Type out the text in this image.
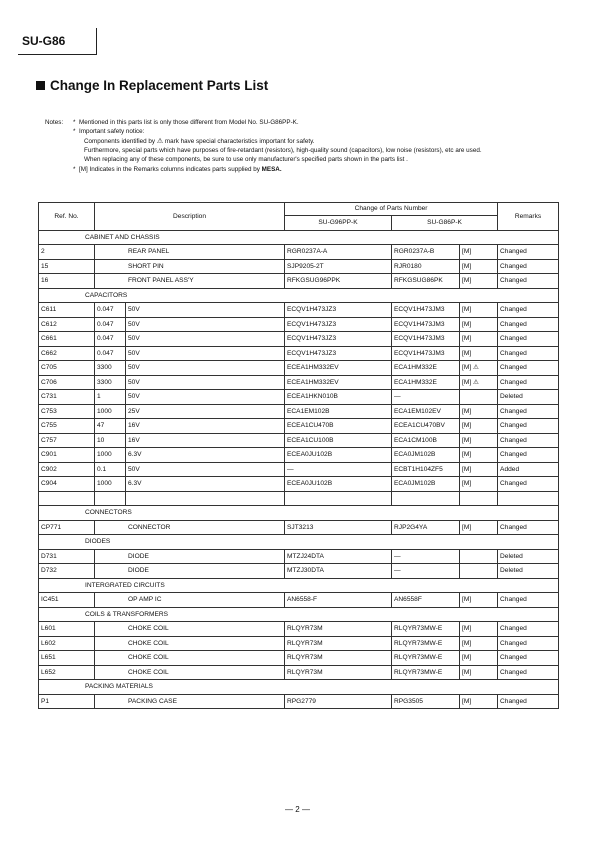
SU-G86
Change In Replacement Parts List
Notes: * Mentioned in this parts list is only those different from Model No. SU-G86PP-K.
* Important safety notice:
Components identified by ⚠ mark have special characteristics important for safety.
Furthermore, special parts which have purposes of fire-retardant (resistors), high-quality sound (capacitors), low noise (resistors), etc are used.
When replacing any of these components, be sure to use only manufacturer's specified parts shown in the parts list .
* [M] Indicates in the Remarks columns indicates parts supplied by MESA.
Ref. No.	Description		Change of Parts Number			Remarks
			SU-G96PP-K	SU-G86P-K		
CABINET AND CHASSIS						
2	REAR PANEL		RGR0237A-A	RGR0237A-B	[M]	Changed
15	SHORT PIN		SJP9205-2T	RJR0180	[M]	Changed
16	FRONT PANEL ASS'Y		RFKGSUG96PPK	RFKGSUG86PK	[M]	Changed
CAPACITORS						
C611	0.047	50V	ECQV1H473JZ3	ECQV1H473JM3	[M]	Changed
C612	0.047	50V	ECQV1H473JZ3	ECQV1H473JM3	[M]	Changed
C661	0.047	50V	ECQV1H473JZ3	ECQV1H473JM3	[M]	Changed
C662	0.047	50V	ECQV1H473JZ3	ECQV1H473JM3	[M]	Changed
C705	3300	50V	ECEA1HM332EV	ECA1HM332E	[M] ⚠	Changed
C706	3300	50V	ECEA1HM332EV	ECA1HM332E	[M] ⚠	Changed
C731	1	50V	ECEA1HKN010B	—		Deleted
C753	1000	25V	ECA1EM102B	ECA1EM102EV	[M]	Changed
C755	47	16V	ECEA1CU470B	ECEA1CU470BV	[M]	Changed
C757	10	16V	ECEA1CU100B	ECA1CM100B	[M]	Changed
C901	1000	6.3V	ECEA0JU102B	ECA0JM102B	[M]	Changed
C902	0.1	50V	—	ECBT1H104ZF5	[M]	Added
C904	1000	6.3V	ECEA0JU102B	ECA0JM102B	[M]	Changed

CONNECTORS						
CP771	CONNECTOR		SJT3213	RJP2G4YA	[M]	Changed
DIODES						
D731	DIODE		MTZJ24DTA	—		Deleted
D732	DIODE		MTZJ30DTA	—		Deleted
INTERGRATED CIRCUITS						
IC451	OP AMP IC		AN6558-F	AN6558F	[M]	Changed
COILS & TRANSFORMERS						
L601	CHOKE COIL		RLQYR73M	RLQYR73MW-E	[M]	Changed
L602	CHOKE COIL		RLQYR73M	RLQYR73MW-E	[M]	Changed
L651	CHOKE COIL		RLQYR73M	RLQYR73MW-E	[M]	Changed
L652	CHOKE COIL		RLQYR73M	RLQYR73MW-E	[M]	Changed
PACKING MATERIALS						
P1	PACKING CASE		RPG2779	RPG3505	[M]	Changed
— 2 —
